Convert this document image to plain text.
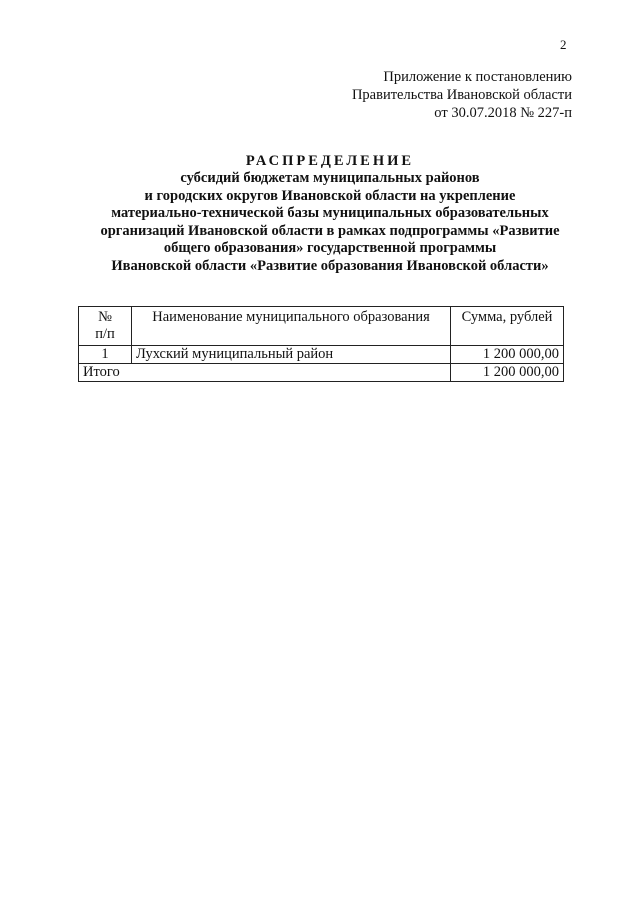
2
Приложение к постановлению
Правительства Ивановской области
от 30.07.2018 № 227-п
РАСПРЕДЕЛЕНИЕ
субсидий бюджетам муниципальных районов
и городских округов Ивановской области на укрепление
материально-технической базы муниципальных образовательных
организаций Ивановской области в рамках подпрограммы «Развитие
общего образования» государственной программы
Ивановской области «Развитие образования Ивановской области»
№
п/п	Наименование муниципального образования	Сумма, рублей
1	Лухский муниципальный район	1 200 000,00
Итого		1 200 000,00
